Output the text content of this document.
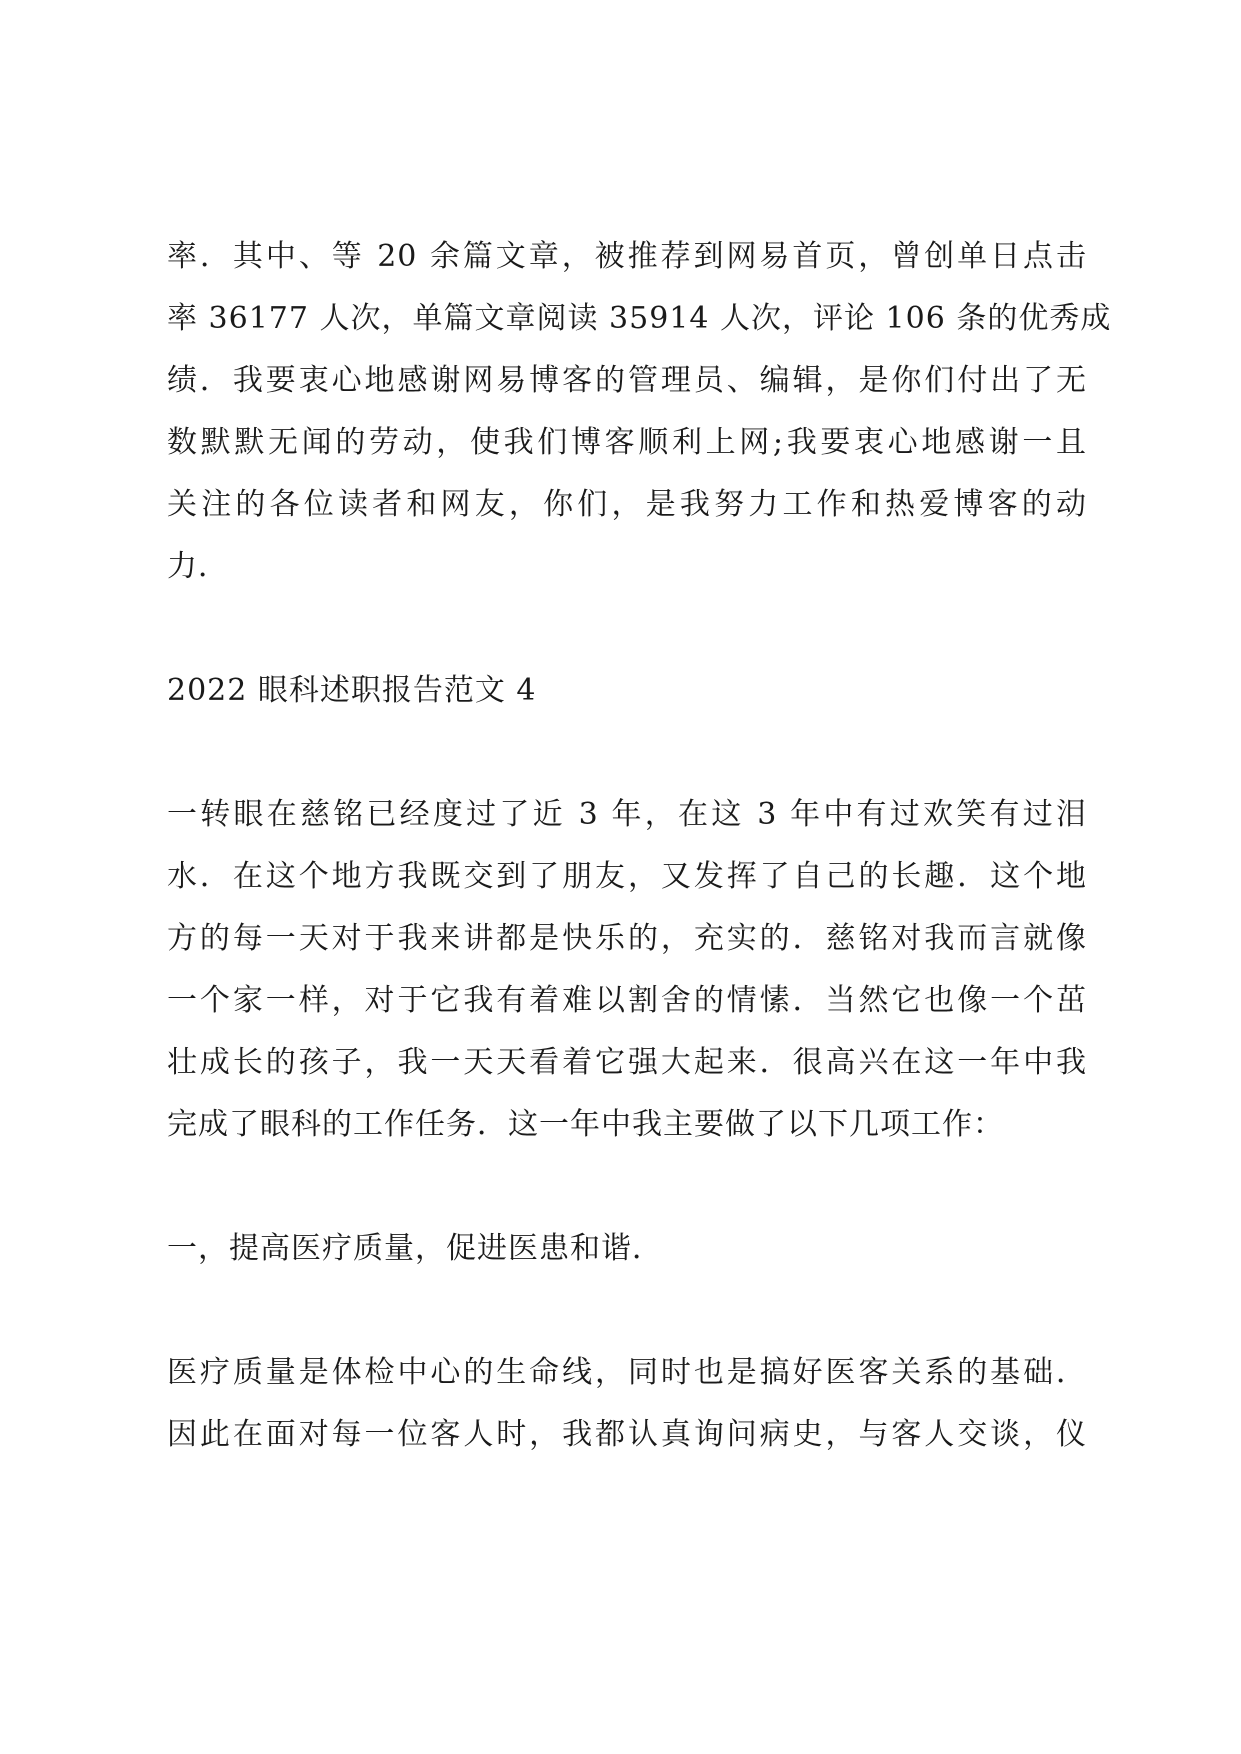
率．其中、等 20 余篇文章，被推荐到网易首页，曾创单日点击
率 36177 人次，单篇文章阅读 35914 人次，评论 106 条的优秀成
绩．我要衷心地感谢网易博客的管理员、编辑，是你们付出了无
数默默无闻的劳动，使我们博客顺利上网;我要衷心地感谢一且
关注的各位读者和网友，你们，是我努力工作和热爱博客的动
力．
2022 眼科述职报告范文 4
一转眼在慈铭已经度过了近 3 年，在这 3 年中有过欢笑有过泪
水．在这个地方我既交到了朋友，又发挥了自己的长趣．这个地
方的每一天对于我来讲都是快乐的，充实的．慈铭对我而言就像
一个家一样，对于它我有着难以割舍的情愫．当然它也像一个茁
壮成长的孩子，我一天天看着它强大起来．很高兴在这一年中我
完成了眼科的工作任务．这一年中我主要做了以下几项工作：
一，提高医疗质量，促进医患和谐．
医疗质量是体检中心的生命线，同时也是搞好医客关系的基础．
因此在面对每一位客人时，我都认真询问病史，与客人交谈，仪
